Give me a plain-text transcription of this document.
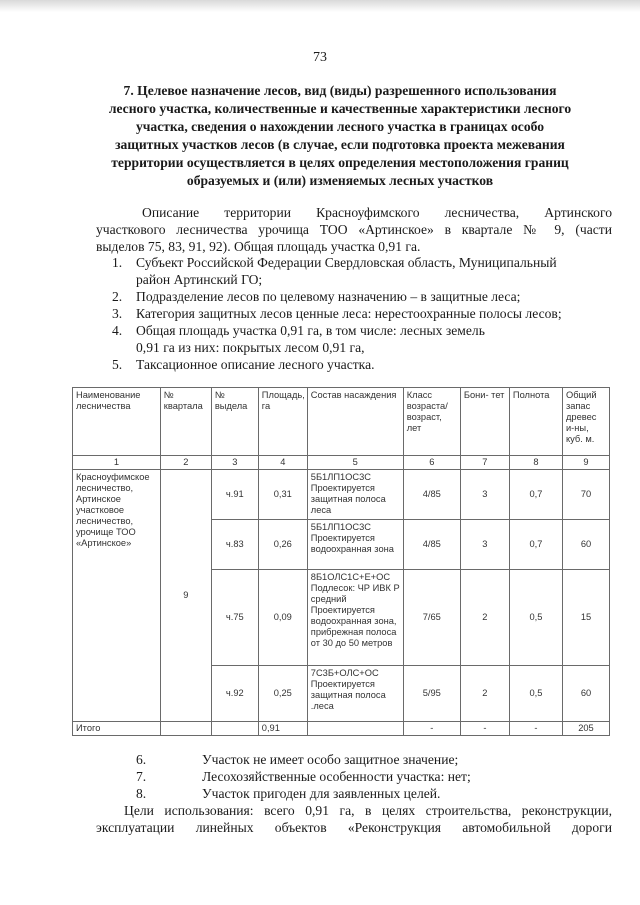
73
7. Целевое назначение лесов, вид (виды) разрешенного использования
лесного участка, количественные и качественные характеристики лесного
участка, сведения о нахождении лесного участка в границах особо
защитных участков лесов (в случае, если подготовка проекта межевания
территории осуществляется в целях определения местоположения границ
образуемых и (или) изменяемых лесных участков
Описание территории Красноуфимского лесничества, Артинского
участкового лесничества урочища ТОО «Артинское» в квартале № 9, (части
выделов 75, 83, 91, 92). Общая площадь участка 0,91 га.
1. Субъект Российской Федерации Свердловская область, Муниципальный
район Артинский ГО;
2. Подразделение лесов по целевому назначению – в защитные леса;
3. Категория защитных лесов ценные леса: нерестоохранные полосы лесов;
4. Общая площадь участка 0,91 га, в том числе: лесных земель
0,91 га из них: покрытых лесом 0,91 га,
5. Таксационное описание лесного участка.
Наименование лесничества	№ квартала	№ выдела	Площадь, га	Состав насаждения	Класс возраста/ возраст, лет	Бони- тет	Полнота	Общий запас древес и-ны, куб. м.
1	2	3	4	5	6	7	8	9
Красноуфимское лесничество, Артинское участковое лесничество, урочище ТОО «Артинское»	9	ч.91	0,31	5Б1ЛП1ОС3С Проектируется защитная полоса леса	4/85	3	0,7	70
		ч.83	0,26	5Б1ЛП1ОС3С Проектируется водоохранная зона	4/85	3	0,7	60
		ч.75	0,09	8Б1ОЛС1С+Е+ОС Подлесок: ЧР ИВК Р средний Проектируется водоохранная зона, прибрежная полоса от 30 до 50 метров	7/65	2	0,5	15
		ч.92	0,25	7С3Б+ОЛС+ОС Проектируется защитная полоса .леса	5/95	2	0,5	60
Итого			0,91		-	-	-	205
6.	Участок не имеет особо защитное значение;
7.	Лесохозяйственные особенности участка: нет;
8.	Участок пригоден для заявленных целей.
Цели использования: всего 0,91 га, в целях строительства, реконструкции,
эксплуатации линейных объектов «Реконструкция автомобильной дороги
